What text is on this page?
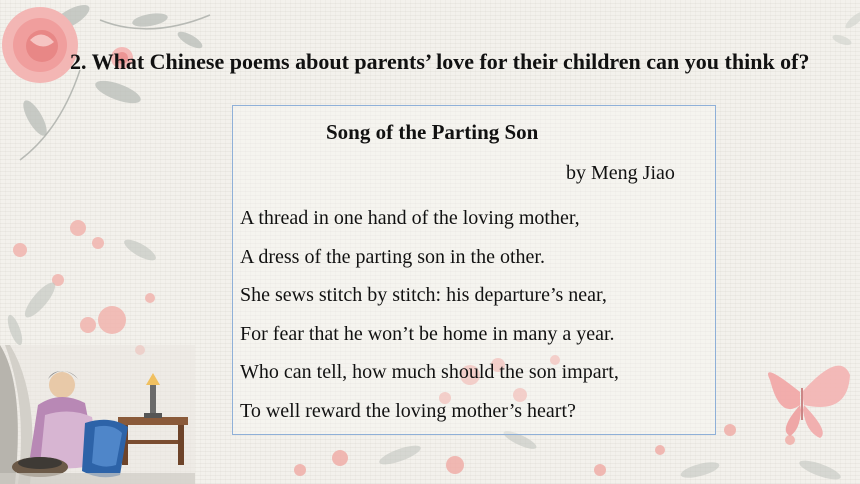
2. What Chinese poems about parents’ love for their children can you think of?

Song of the Parting Son

by Meng Jiao

A thread in one hand of the loving mother,
A dress of the parting son in the other.
She sews stitch by stitch: his departure’s near,
For fear that he won’t be home in many a year.
Who can tell, how much should the son impart,
To well reward the loving mother’s heart?
